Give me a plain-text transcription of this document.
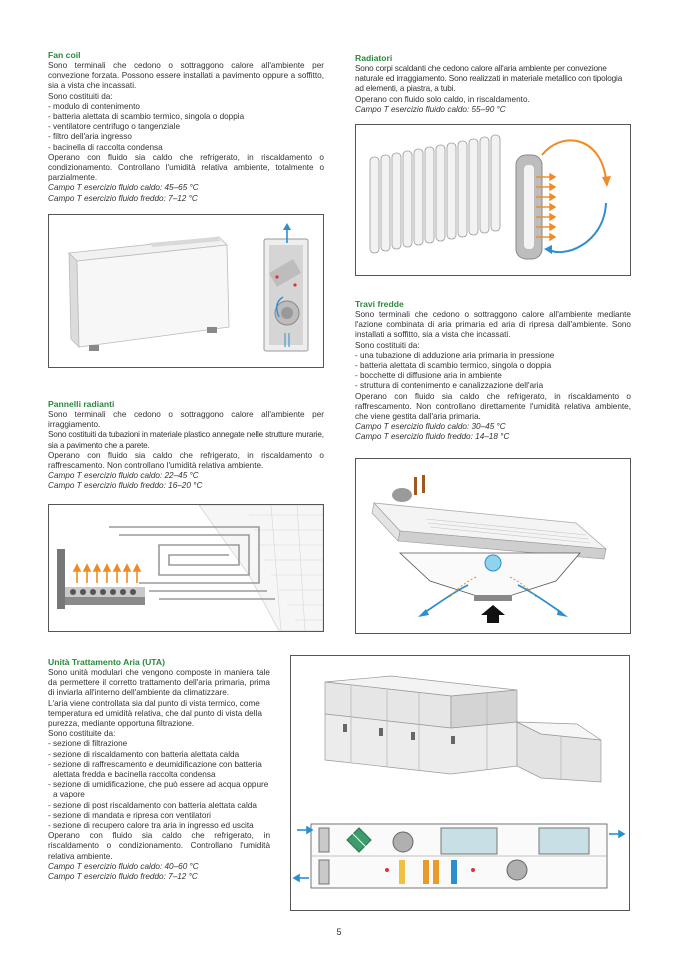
Fan coil

Sono terminali che cedono o sottraggono calore all'ambiente per convezione forzata. Possono essere installati a pavimento oppure a soffitto, sia a vista che incassati.

Sono costituiti da:

- modulo di contenimento

- batteria alettata di scambio termico, singola o doppia

- ventilatore centrifugo o tangenziale

- filtro dell'aria ingresso

- bacinella di raccolta condensa

Operano con fluido sia caldo che refrigerato, in riscaldamento o condizionamento. Controllano l'umidità relativa ambiente, totalmente o parzialmente.

Campo T esercizio fluido caldo: 45–65 °C

Campo T esercizio fluido freddo: 7–12 °C

Pannelli radianti

Sono terminali che cedono o sottraggono calore all'ambiente per irraggiamento.

Sono costituiti da tubazioni in materiale plastico annegate nelle strutture murarie, sia a pavimento che a parete.

Operano con fluido sia caldo che refrigerato, in riscaldamento o raffrescamento. Non controllano l'umidità relativa ambiente.

Campo T esercizio fluido caldo: 22–45 °C

Campo T esercizio fluido freddo: 16–20 °C

Radiatori

Sono corpi scaldanti che cedono calore all'aria ambiente per convezione naturale ed irraggiamento. Sono realizzati in materiale metallico con tipologia ad elementi, a piastra, a tubi.

Operano con fluido solo caldo, in riscaldamento.

Campo T esercizio fluido caldo: 55–90 °C

Travi fredde

Sono terminali che cedono o sottraggono calore all'ambiente mediante l'azione combinata di aria primaria ed aria di ripresa dall'ambiente. Sono installati a soffitto, sia a vista che incassati.

Sono costituiti da:

- una tubazione di adduzione aria primaria in pressione

- batteria alettata di scambio termico, singola o doppia

- bocchette di diffusione aria in ambiente

- struttura di contenimento e canalizzazione dell'aria

Operano con fluido sia caldo che refrigerato, in riscaldamento o raffrescamento. Non controllano direttamente l'umidità relativa ambiente, che viene gestita dall'aria primaria.

Campo T esercizio fluido caldo: 30–45 °C

Campo T esercizio fluido freddo: 14–18 °C

Unità Trattamento Aria (UTA)

Sono unità modulari che vengono composte in maniera tale da permettere il corretto trattamento dell'aria primaria, prima di inviarla all'interno dell'ambiente da climatizzare.

L'aria viene controllata sia dal punto di vista termico, come temperatura ed umidità relativa, che dal punto di vista della purezza, mediante opportuna filtrazione.

Sono costituite da:

- sezione di filtrazione

- sezione di riscaldamento con batteria alettata calda

- sezione di raffrescamento e deumidificazione con batteria alettata fredda e bacinella raccolta condensa

- sezione di umidificazione, che può essere ad acqua oppure a vapore

- sezione di post riscaldamento con batteria alettata calda

- sezione di mandata e ripresa con ventilatori

- sezione di recupero calore tra aria in ingresso ed uscita

Operano con fluido sia caldo che refrigerato, in riscaldamento o condizionamento. Controllano l'umidità relativa ambiente.

Campo T esercizio fluido caldo: 40–60 °C

Campo T esercizio fluido freddo: 7–12 °C

5
